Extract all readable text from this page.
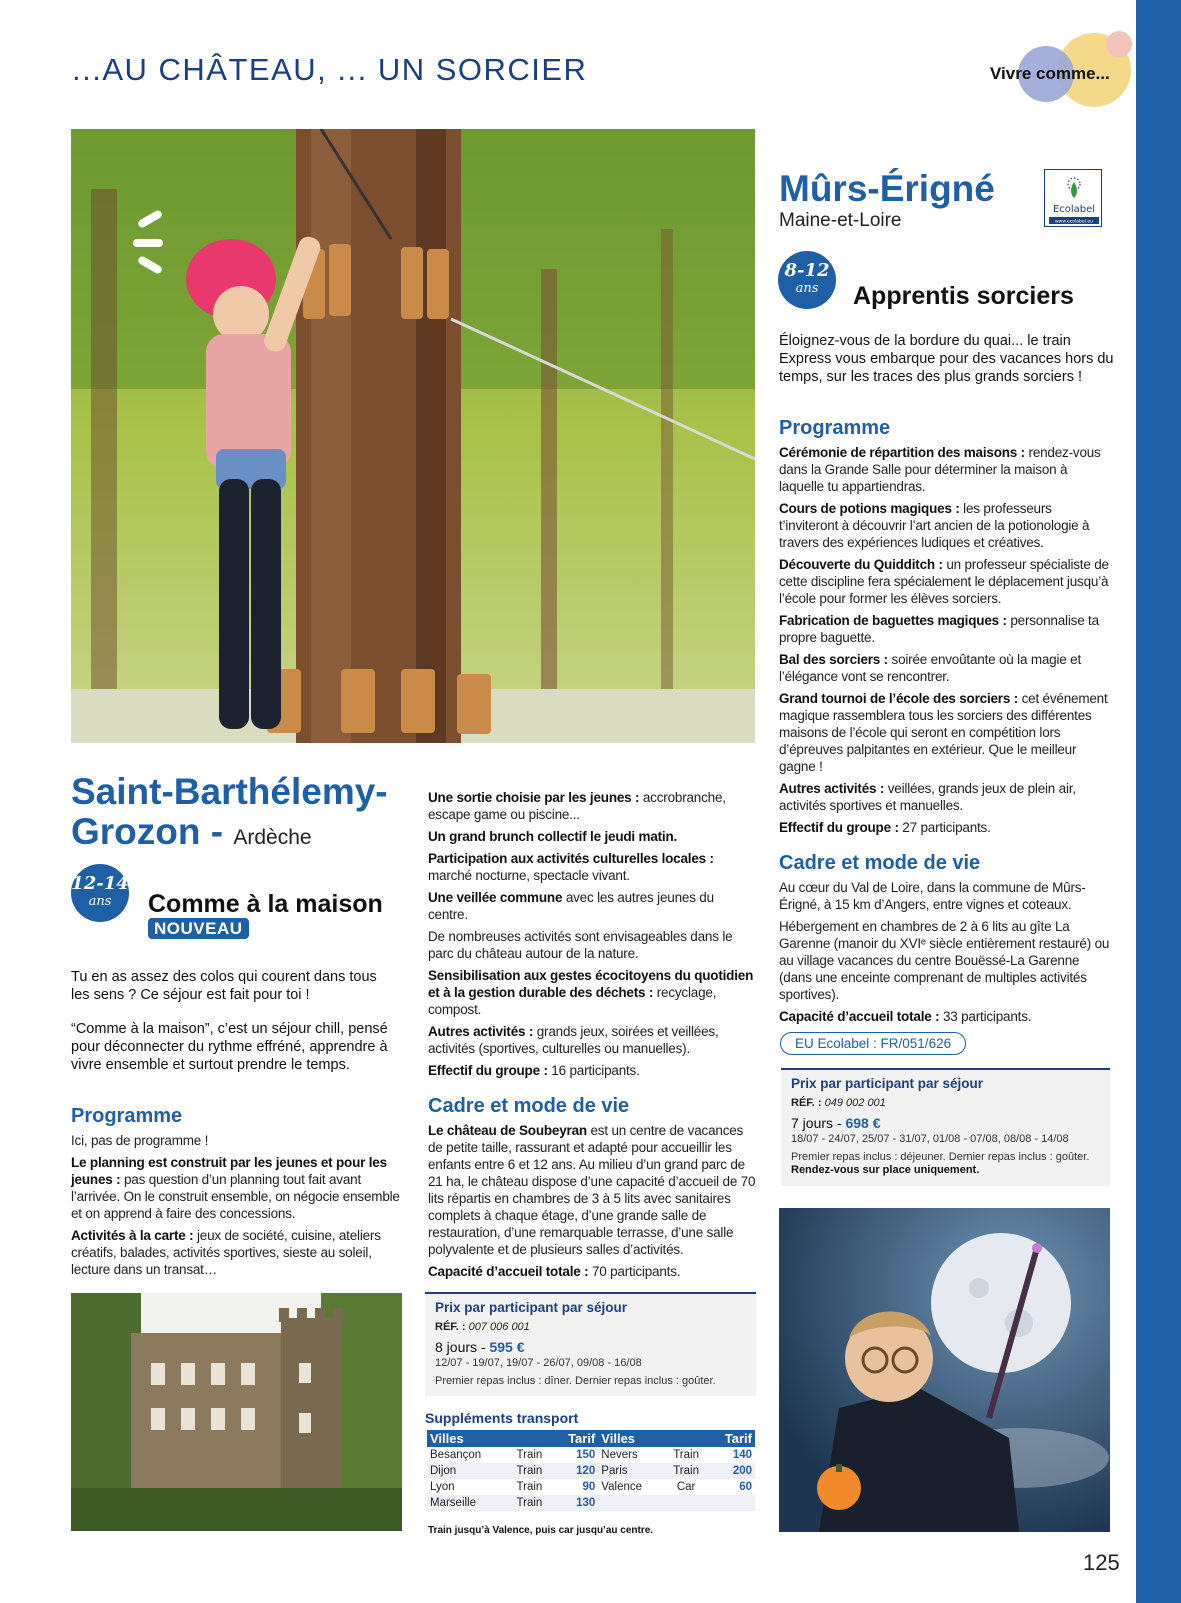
...AU CHÂTEAU, ... UN SORCIER	Vivre comme...
Saint-Barthélemy-
Grozon - Ardèche
12-14
ans	Comme à la maison
NOUVEAU
Tu en as assez des colos qui courent dans tous les sens ? Ce séjour est fait pour toi !
“Comme à la maison”, c’est un séjour chill, pensé pour déconnecter du rythme effréné, apprendre à vivre ensemble et surtout prendre le temps.
Programme
Ici, pas de programme !
Le planning est construit par les jeunes et pour les jeunes : pas question d’un planning tout fait avant l’arrivée. On le construit ensemble, on négocie ensemble et on apprend à faire des concessions.
Activités à la carte : jeux de société, cuisine, ateliers créatifs, balades, activités sportives, sieste au soleil, lecture dans un transat…
Une sortie choisie par les jeunes : accrobranche, escape game ou piscine...
Un grand brunch collectif le jeudi matin.
Participation aux activités culturelles locales : marché nocturne, spectacle vivant.
Une veillée commune avec les autres jeunes du centre.
De nombreuses activités sont envisageables dans le parc du château autour de la nature.
Sensibilisation aux gestes écocitoyens du quotidien et à la gestion durable des déchets : recyclage, compost.
Autres activités : grands jeux, soirées et veillées, activités (sportives, culturelles ou manuelles).
Effectif du groupe : 16 participants.
Cadre et mode de vie
Le château de Soubeyran est un centre de vacances de petite taille, rassurant et adapté pour accueillir les enfants entre 6 et 12 ans. Au milieu d’un grand parc de 21 ha, le château dispose d’une capacité d’accueil de 70 lits répartis en chambres de 3 à 5 lits avec sanitaires complets à chaque étage, d’une grande salle de restauration, d’une remarquable terrasse, d’une salle polyvalente et de plusieurs salles d’activités.
Capacité d’accueil totale : 70 participants.
Prix par participant par séjour
RÉF. : 007 006 001
8 jours - 595 €
12/07 - 19/07, 19/07 - 26/07, 09/08 - 16/08
Premier repas inclus : dîner. Dernier repas inclus : goûter.
Suppléments transport
Villes		Tarif	Villes		Tarif
Besançon	Train	150	Nevers	Train	140
Dijon	Train	120	Paris	Train	200
Lyon	Train	90	Valence	Car	60
Marseille	Train	130			
Train jusqu’à Valence, puis car jusqu’au centre.
Mûrs-Érigné
Maine-et-Loire
Ecolabel
www.ecolabel.eu
8-12
ans	Apprentis sorciers
Éloignez-vous de la bordure du quai... le train Express vous embarque pour des vacances hors du temps, sur les traces des plus grands sorciers !
Programme
Cérémonie de répartition des maisons : rendez-vous dans la Grande Salle pour déterminer la maison à laquelle tu appartiendras.
Cours de potions magiques : les professeurs t’inviteront à découvrir l’art ancien de la potionologie à travers des expériences ludiques et créatives.
Découverte du Quidditch : un professeur spécialiste de cette discipline fera spécialement le déplacement jusqu’à l’école pour former les élèves sorciers.
Fabrication de baguettes magiques : personnalise ta propre baguette.
Bal des sorciers : soirée envoûtante où la magie et l’élégance vont se rencontrer.
Grand tournoi de l’école des sorciers : cet événement magique rassemblera tous les sorciers des différentes maisons de l’école qui seront en compétition lors d’épreuves palpitantes en extérieur. Que le meilleur gagne !
Autres activités : veillées, grands jeux de plein air, activités sportives et manuelles.
Effectif du groupe : 27 participants.
Cadre et mode de vie
Au cœur du Val de Loire, dans la commune de Mûrs-Érigné, à 15 km d’Angers, entre vignes et coteaux.
Hébergement en chambres de 2 à 6 lits au gîte La Garenne (manoir du XVIᵉ siècle entièrement restauré) ou au village vacances du centre Bouëssé-La Garenne (dans une enceinte comprenant de multiples activités sportives).
Capacité d’accueil totale : 33 participants.
EU Ecolabel : FR/051/626
Prix par participant par séjour
RÉF. : 049 002 001
7 jours - 698 €
18/07 - 24/07, 25/07 - 31/07, 01/08 - 07/08, 08/08 - 14/08
Premier repas inclus : déjeuner. Dernier repas inclus : goûter.
Rendez-vous sur place uniquement.
125
